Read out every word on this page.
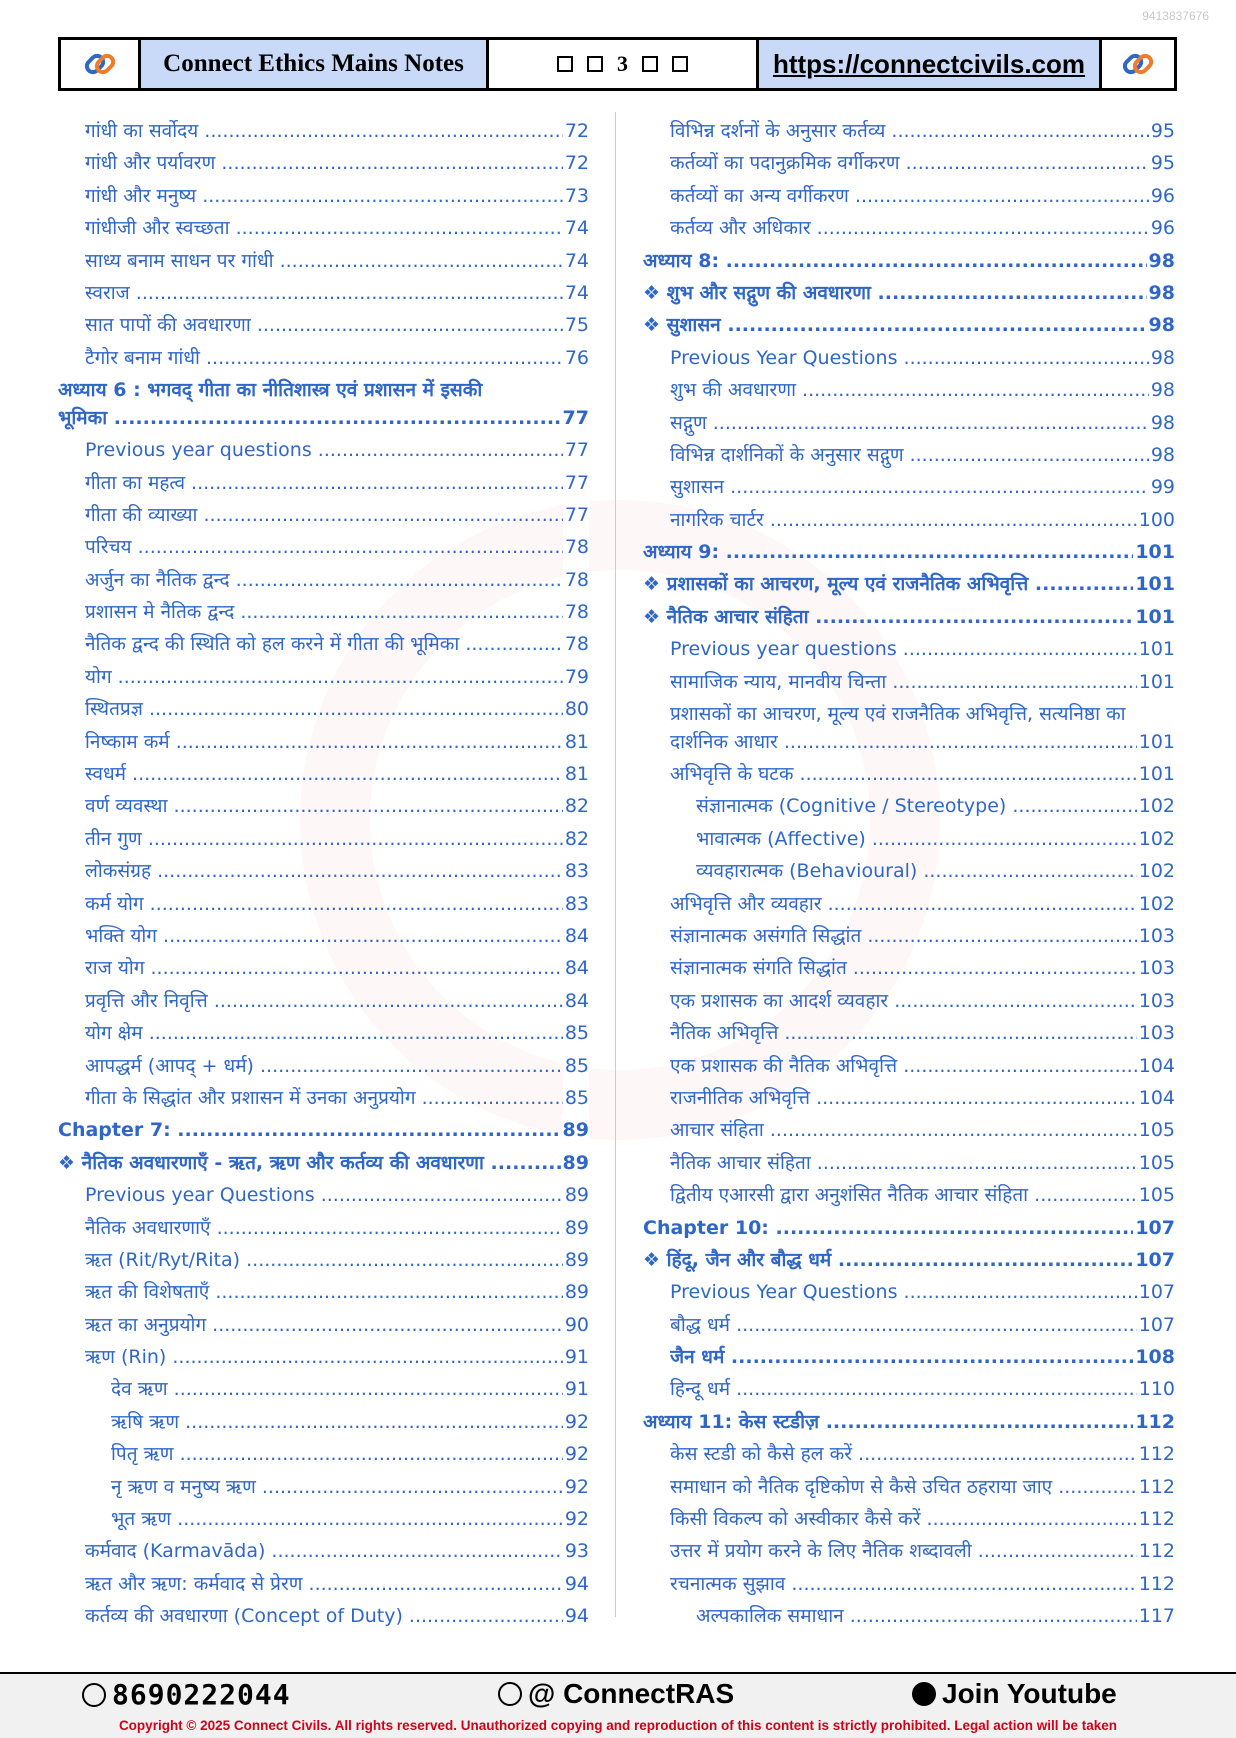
9413837676
Connect Ethics Mains Notes	3	https://connectcivils.com
गांधी का सर्वोदय .....	72
गांधी और पर्यावरण .....	72
गांधी और मनुष्य .....	73
गांधीजी और स्वच्छता .....	74
साध्य बनाम साधन पर गांधी .....	74
स्वराज .....	74
सात पापों की अवधारणा .....	75
टैगोर बनाम गांधी .....	76
अध्याय 6 : भगवद् गीता का नीतिशास्त्र एवं प्रशासन में इसकी
भूमिका .....	77
Previous year questions .....	77
गीता का महत्व .....	77
गीता की व्याख्या .....	77
परिचय .....	78
अर्जुन का नैतिक द्वन्द .....	78
प्रशासन मे नैतिक द्वन्द .....	78
नैतिक द्वन्द की स्थिति को हल करने में गीता की भूमिका .....	78
योग .....	79
स्थितप्रज्ञ .....	80
निष्काम कर्म .....	81
स्वधर्म .....	81
वर्ण व्यवस्था .....	82
तीन गुण .....	82
लोकसंग्रह .....	83
कर्म योग .....	83
भक्ति योग .....	84
राज योग .....	84
प्रवृत्ति और निवृत्ति .....	84
योग क्षेम .....	85
आपद्धर्म (आपद् + धर्म) .....	85
गीता के सिद्धांत और प्रशासन में उनका अनुप्रयोग .....	85
Chapter 7: .....	89
❖ नैतिक अवधारणाएँ - ऋत, ऋण और कर्तव्य की अवधारणा .....	89
Previous year Questions .....	89
नैतिक अवधारणाएँ .....	89
ऋत (Rit/Ryt/Rita) .....	89
ऋत की विशेषताएँ .....	89
ऋत का अनुप्रयोग .....	90
ऋण (Rin) .....	91
देव ऋण .....	91
ऋषि ऋण .....	92
पितृ ऋण .....	92
नृ ऋण व मनुष्य ऋण .....	92
भूत ऋण .....	92
कर्मवाद (Karmavāda) .....	93
ऋत और ऋण: कर्मवाद से प्रेरण .....	94
कर्तव्य की अवधारणा (Concept of Duty) .....	94
विभिन्न दर्शनों के अनुसार कर्तव्य .....	95
कर्तव्यों का पदानुक्रमिक वर्गीकरण .....	95
कर्तव्यों का अन्य वर्गीकरण .....	96
कर्तव्य और अधिकार .....	96
अध्याय 8: .....	98
❖ शुभ और सद्गुण की अवधारणा .....	98
❖ सुशासन .....	98
Previous Year Questions .....	98
शुभ की अवधारणा .....	98
सद्गुण .....	98
विभिन्न दार्शनिकों के अनुसार सद्गुण .....	98
सुशासन .....	99
नागरिक चार्टर .....	100
अध्याय 9: .....	101
❖ प्रशासकों का आचरण, मूल्य एवं राजनैतिक अभिवृत्ति .....	101
❖ नैतिक आचार संहिता .....	101
Previous year questions .....	101
सामाजिक न्याय, मानवीय चिन्ता .....	101
प्रशासकों का आचरण, मूल्य एवं राजनैतिक अभिवृत्ति, सत्यनिष्ठा का
दार्शनिक आधार .....	101
अभिवृत्ति के घटक .....	101
संज्ञानात्मक (Cognitive / Stereotype) .....	102
भावात्मक (Affective) .....	102
व्यवहारात्मक (Behavioural) .....	102
अभिवृत्ति और व्यवहार .....	102
संज्ञानात्मक असंगति सिद्धांत .....	103
संज्ञानात्मक संगति सिद्धांत .....	103
एक प्रशासक का आदर्श व्यवहार .....	103
नैतिक अभिवृत्ति .....	103
एक प्रशासक की नैतिक अभिवृत्ति .....	104
राजनीतिक अभिवृत्ति .....	104
आचार संहिता .....	105
नैतिक आचार संहिता .....	105
द्वितीय एआरसी द्वारा अनुशंसित नैतिक आचार संहिता .....	105
Chapter 10: .....	107
❖ हिंदू, जैन और बौद्ध धर्म .....	107
Previous Year Questions .....	107
बौद्ध धर्म .....	107
जैन धर्म .....	108
हिन्दू धर्म .....	110
अध्याय 11: केस स्टडीज़ .....	112
केस स्टडी को कैसे हल करें .....	112
समाधान को नैतिक दृष्टिकोण से कैसे उचित ठहराया जाए .....	112
किसी विकल्प को अस्वीकार कैसे करें .....	112
उत्तर में प्रयोग करने के लिए नैतिक शब्दावली .....	112
रचनात्मक सुझाव .....	112
अल्पकालिक समाधान .....	117
8690222044	@ ConnectRAS	Join Youtube
Copyright © 2025 Connect Civils. All rights reserved. Unauthorized copying and reproduction of this content is strictly prohibited. Legal action will be taken
